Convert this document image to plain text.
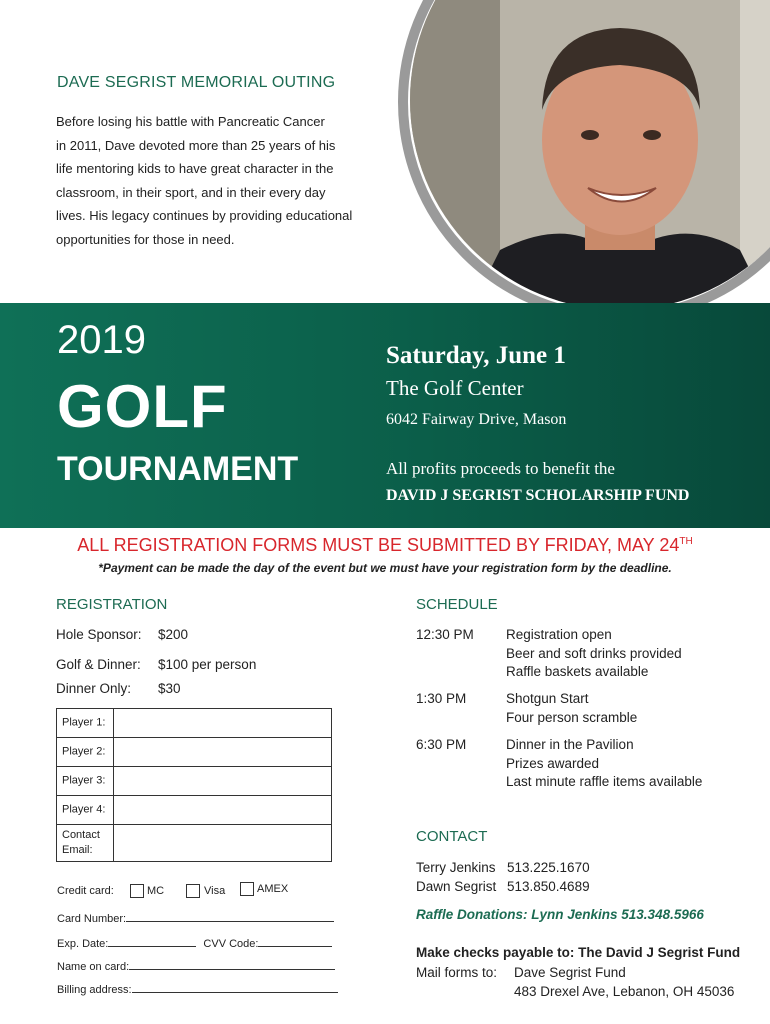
DAVE SEGRIST MEMORIAL OUTING
Before losing his battle with Pancreatic Cancer
in 2011, Dave devoted more than 25 years of his
life mentoring kids to have great character in the
classroom, in their sport, and in their every day
lives. His legacy continues by providing educational
opportunities for those in need.
2019
GOLF
TOURNAMENT
Saturday, June 1
The Golf Center
6042 Fairway Drive, Mason
All profits proceeds to benefit the
DAVID J SEGRIST SCHOLARSHIP FUND
ALL REGISTRATION FORMS MUST BE SUBMITTED BY FRIDAY, MAY 24TH
*Payment can be made the day of the event but we must have your registration form by the deadline.
REGISTRATION
Hole Sponsor: $200
Golf & Dinner: $100 per person
Dinner Only: $30
Player 1:
Player 2:
Player 3:
Player 4:
Contact Email:
Credit card:	MC	Visa	AMEX
Card Number:
Exp. Date:	CVV Code:
Name on card:
Billing address:
SCHEDULE
12:30 PM Registration open
Beer and soft drinks provided
Raffle baskets available
1:30 PM	Shotgun Start
Four person scramble
6:30 PM	Dinner in the Pavilion
Prizes awarded
Last minute raffle items available
CONTACT
Terry Jenkins 513.225.1670
Dawn Segrist 513.850.4689
Raffle Donations: Lynn Jenkins 513.348.5966
Make checks payable to: The David J Segrist Fund
Mail forms to: Dave Segrist Fund
483 Drexel Ave, Lebanon, OH 45036
